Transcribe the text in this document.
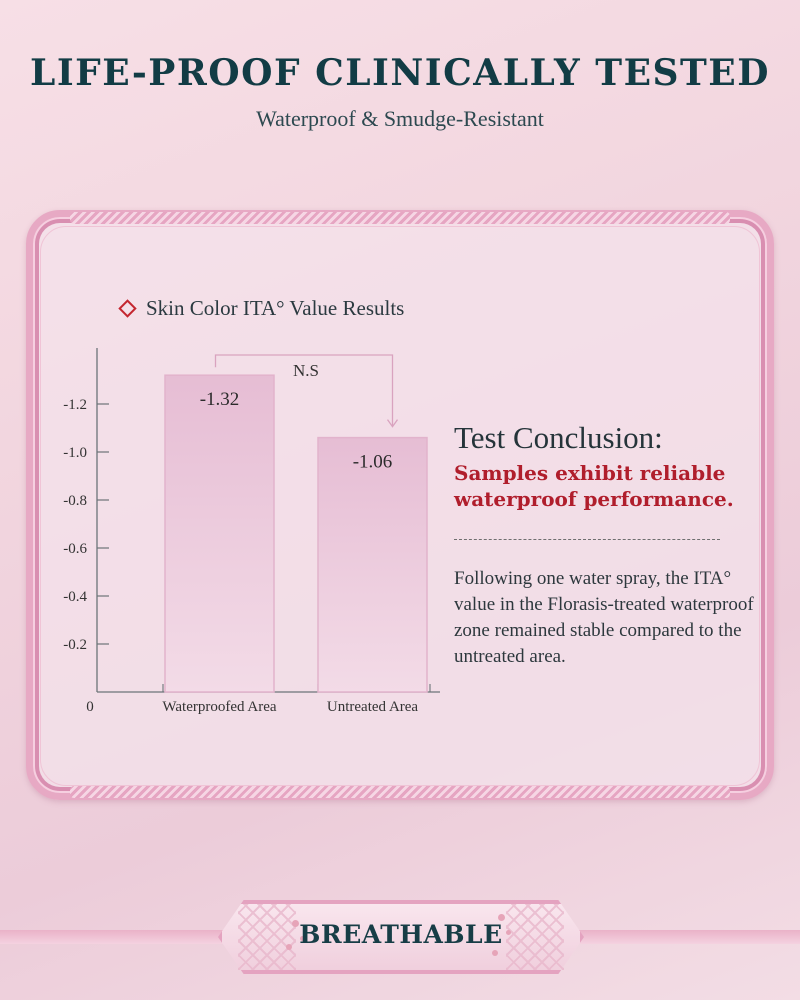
LIFE-PROOF CLINICALLY TESTED
Waterproof & Smudge-Resistant
Skin Color ITA° Value Results
0
-0.2
-0.4
-0.6
-0.8
-1.0
-1.2	-1.32
Waterproofed Area
-1.06
Untreated Area
N.S
Test Conclusion:
Samples exhibit reliable waterproof performance.
Following one water spray, the ITA° value in the Florasis-treated waterproof zone remained stable compared to the untreated area.
BREATHABLE
